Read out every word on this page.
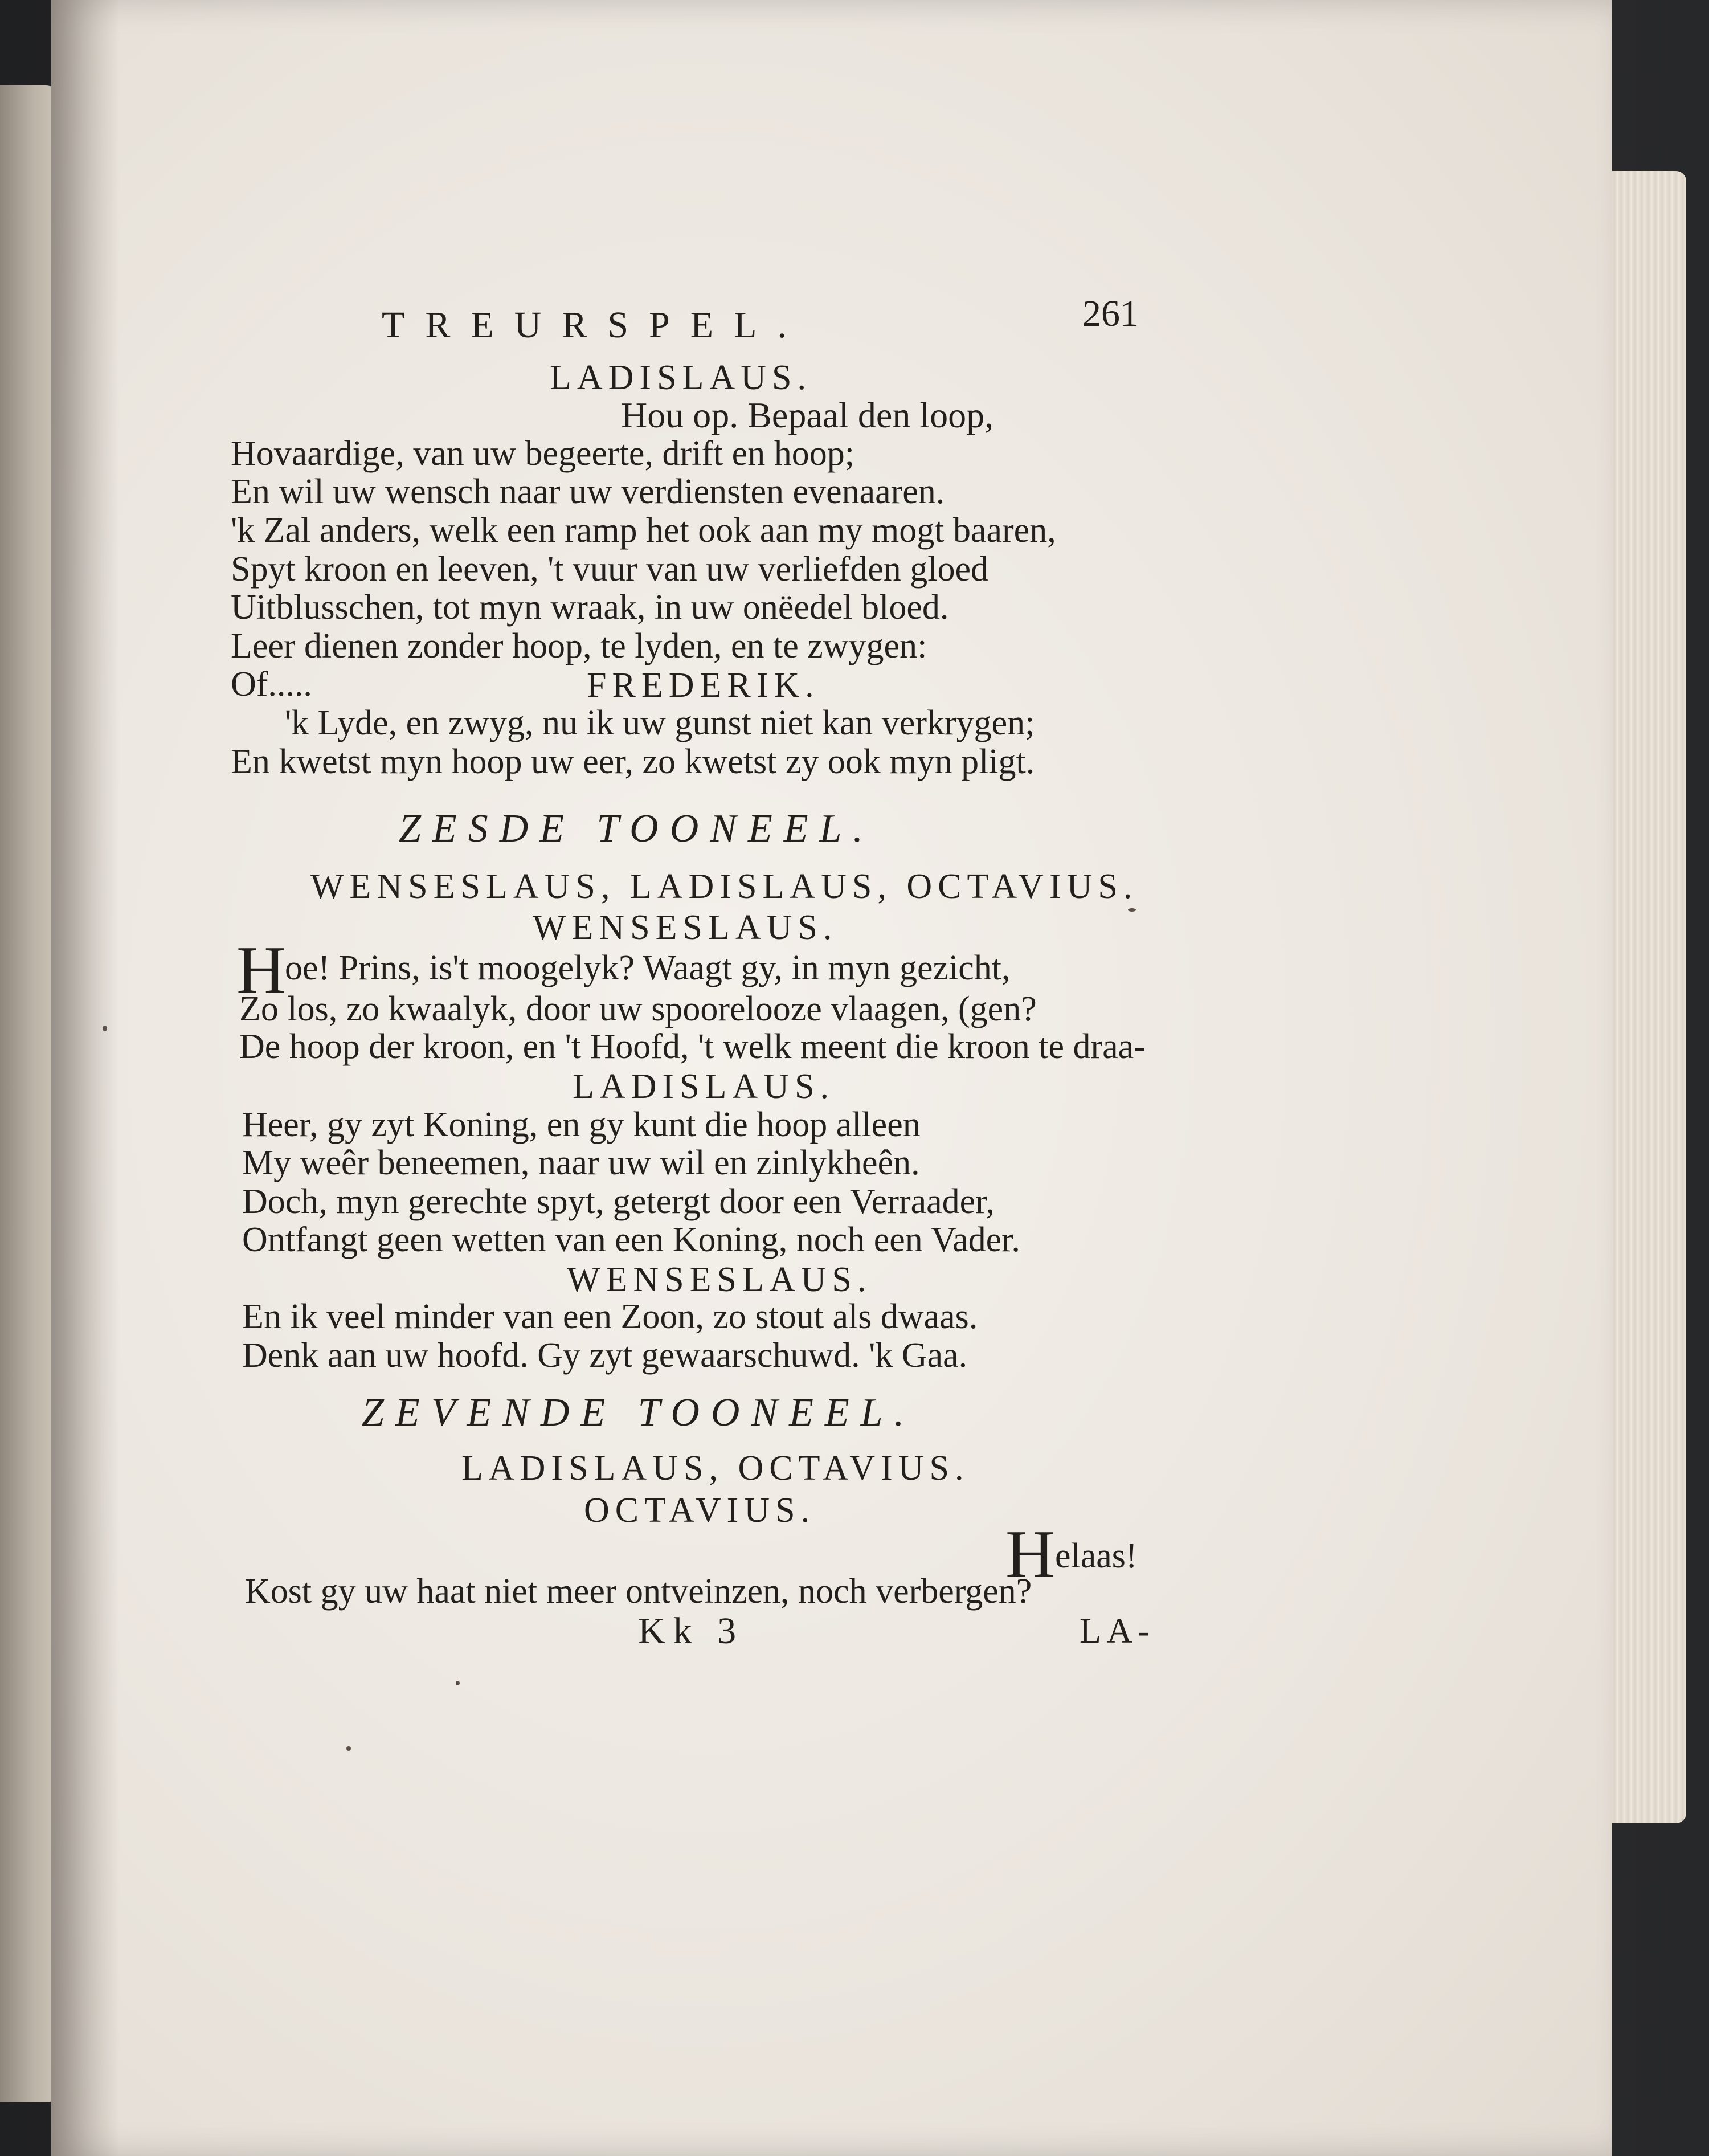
TREURSPEL.	261
LADISLAUS.
Hou op. Bepaal den loop,
Hovaardige, van uw begeerte, drift en hoop;
En wil uw wensch naar uw verdiensten evenaaren.
'k Zal anders, welk een ramp het ook aan my mogt baaren,
Spyt kroon en leeven, 't vuur van uw verliefden gloed
Uitblusschen, tot myn wraak, in uw onëedel bloed.
Leer dienen zonder hoop, te lyden, en te zwygen:
Of.....	FREDERIK.
'k Lyde, en zwyg, nu ik uw gunst niet kan verkrygen;
En kwetst myn hoop uw eer, zo kwetst zy ook myn pligt.
ZESDE TOONEEL.
WENSESLAUS, LADISLAUS, OCTAVIUS.
WENSESLAUS.
H
oe! Prins, is't moogelyk? Waagt gy, in myn gezicht,
Zo los, zo kwaalyk, door uw spoorelooze vlaagen, (gen?
De hoop der kroon, en 't Hoofd, 't welk meent die kroon te draa-
LADISLAUS.
Heer, gy zyt Koning, en gy kunt die hoop alleen
My weêr beneemen, naar uw wil en zinlykheên.
Doch, myn gerechte spyt, getergt door een Verraader,
Ontfangt geen wetten van een Koning, noch een Vader.
WENSESLAUS.
En ik veel minder van een Zoon, zo stout als dwaas.
Denk aan uw hoofd. Gy zyt gewaarschuwd. 'k Gaa.
ZEVENDE TOONEEL.
LADISLAUS, OCTAVIUS.
OCTAVIUS.
H elaas!
Kost gy uw haat niet meer ontveinzen, noch verbergen?
Kk 3	LA-
